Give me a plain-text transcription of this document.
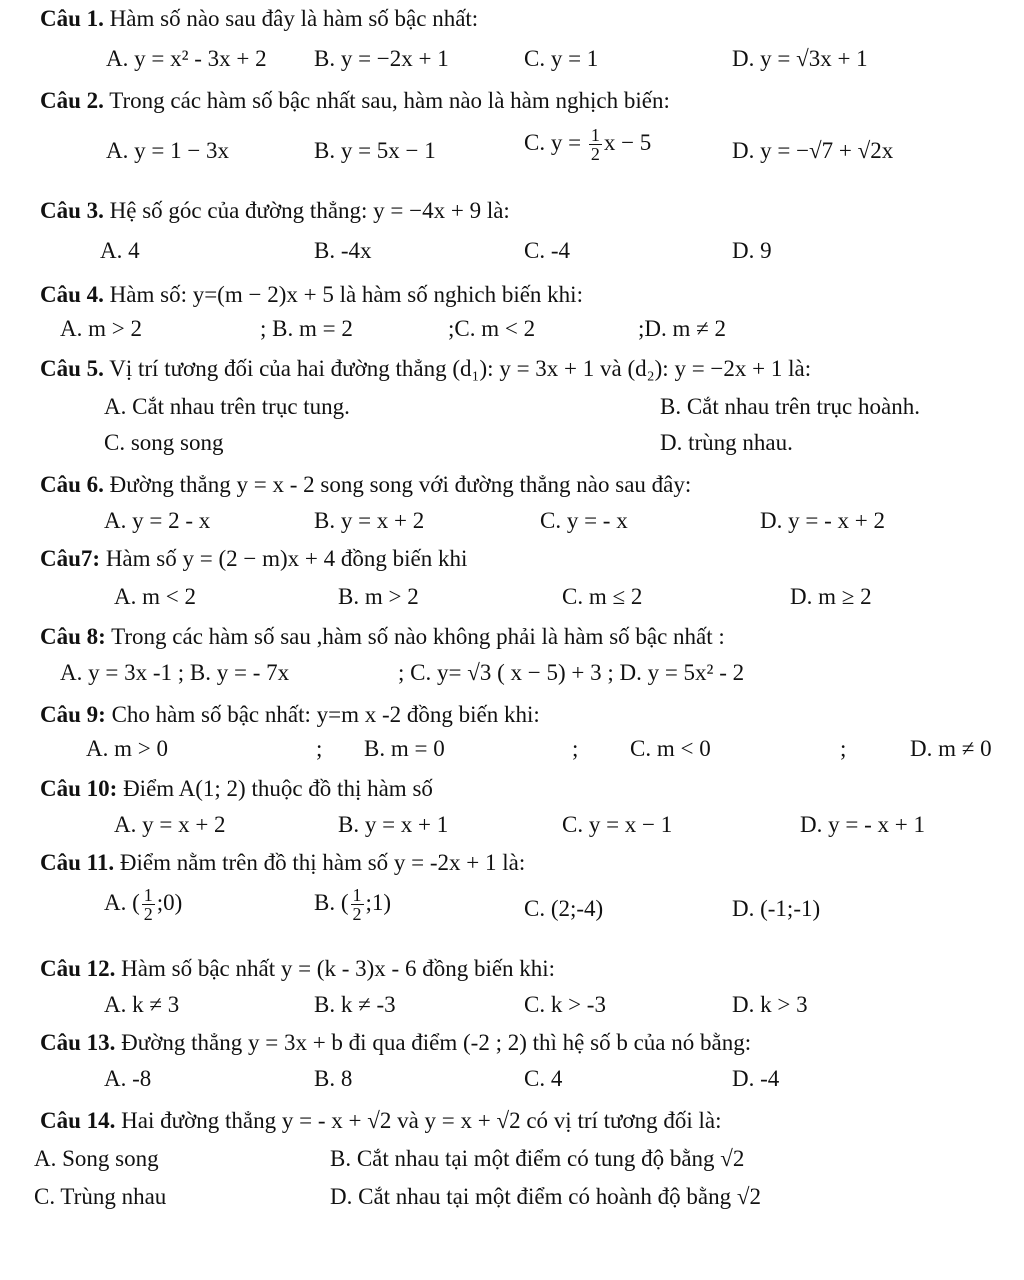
Câu 1. Hàm số nào sau đây là hàm số bậc nhất:
A. y = x² - 3x + 2 B. y = −2x + 1	C. y = 1	D. y = √3x + 1
Câu 2. Trong các hàm số bậc nhất sau, hàm nào là hàm nghịch biến:
A. y = 1 − 3x	B. y = 5x − 1	C. $y = \frac{1}{2}$ x − 5	D. y = −√7 + √2x
Câu 3. Hệ số góc của đường thẳng: y = −4x + 9 là:
A. 4	B. -4x	C. -4	D. 9
Câu 4. Hàm số: y=(m − 2)x + 5 là hàm số nghich biến khi:
A. m > 2	; B. m = 2	;C. m < 2	;D. m ≠ 2
Câu 5. Vị trí tương đối của hai đường thẳng (d₁): y = 3x + 1 và (d₂): y = −2x + 1 là:
A. Cắt nhau trên trục tung.	B. Cắt nhau trên trục hoành.
C. song song	D. trùng nhau.
Câu 6. Đường thẳng y = x - 2 song song với đường thẳng nào sau đây:
A. y = 2 - x	B. y = x + 2	C. y = - x	D. y = - x + 2
Câu7: Hàm số y = (2 − m)x + 4 đồng biến khi
A. m < 2	B. m > 2	C. m ≤ 2	D. m ≥ 2
Câu 8: Trong các hàm số sau ,hàm số nào không phải là hàm số bậc nhất :
A. y = 3x -1 ; B. y = - 7x	; C. y= √3 ( x − 5) + 3 ; D. y = 5x² - 2
Câu 9: Cho hàm số bậc nhất: y=m x -2 đồng biến khi:
A. m > 0	; B. m = 0	; C. m < 0	;	D. m ≠ 0
Câu 10: Điểm A(1; 2) thuộc đồ thị hàm số
A. y = x + 2	B. y = x + 1	C. y = x − 1	D. y = - x + 1
Câu 11. Điểm nằm trên đồ thị hàm số y = -2x + 1 là:
A. ( $\frac{1}{2}$ ;0)	B. ( $\frac{1}{2}$ ;1)	C. (2;-4)	D. (-1;-1)
Câu 12. Hàm số bậc nhất y = (k - 3)x - 6 đồng biến khi:
A. k ≠ 3	B. k ≠ -3	C. k > -3	D. k > 3
Câu 13. Đường thẳng y = 3x + b đi qua điểm (-2 ; 2) thì hệ số b của nó bằng:
A. -8	B. 8	C. 4	D. -4
Câu 14. Hai đường thẳng y = - x + √2 và y = x + √2 có vị trí tương đối là:
A. Song song	B. Cắt nhau tại một điểm có tung độ bằng √2
C. Trùng nhau	D. Cắt nhau tại một điểm có hoành độ bằng √2
